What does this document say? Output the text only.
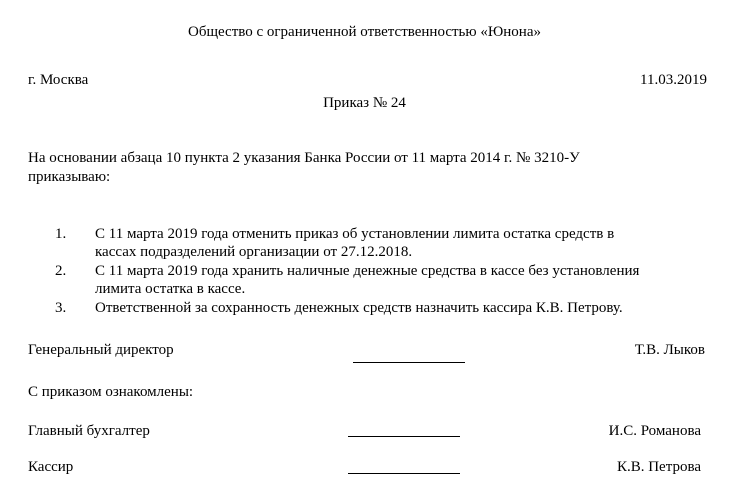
Общество с ограниченной ответственностью «Юнона»
г. Москва	11.03.2019
Приказ № 24
На основании абзаца 10 пункта 2 указания Банка России от 11 марта 2014 г. № 3210-У
приказываю:
1.	С 11 марта 2019 года отменить приказ об установлении лимита остатка средств в
кассах подразделений организации от 27.12.2018.
2.	С 11 марта 2019 года хранить наличные денежные средства в кассе без установления
лимита остатка в кассе.
3.	Ответственной за сохранность денежных средств назначить кассира К.В. Петрову.
Генеральный директор	Т.В. Лыков
С приказом ознакомлены:
Главный бухгалтер	И.С. Романова
Кассир	К.В. Петрова
